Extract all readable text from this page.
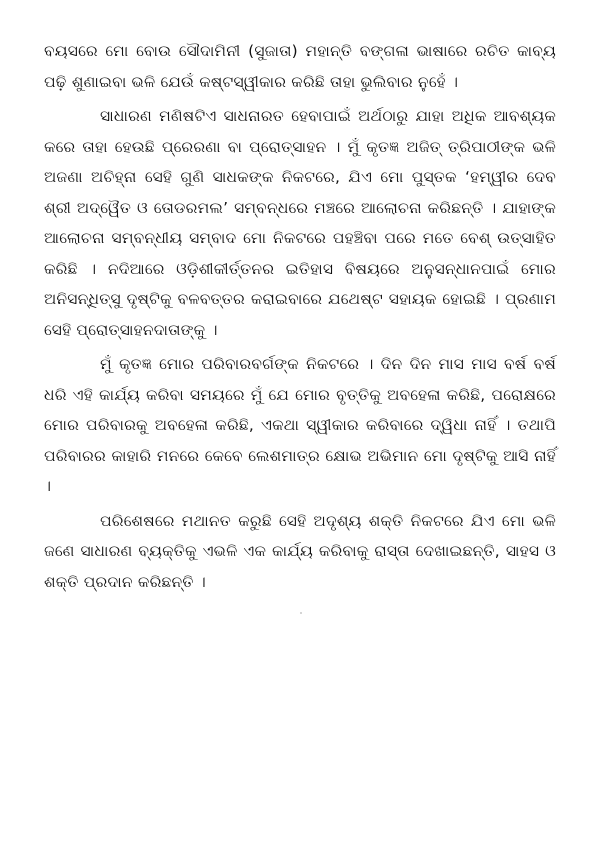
ବୟସରେ ମୋ ବୋଉ ସୌଦାମିନୀ (ସୁଜାତା) ମହାନ୍ତି ବଙ୍ଗଳା ଭାଷାରେ ରଚିତ କାବ୍ୟ ପଢ଼ି ଶୁଣାଇବା ଭଳି ଯେଉଁ କଷ୍ଟସ୍ୱୀକାର କରିଛି ତାହା ଭୁଲିବାର ନୁହେଁ ।

ସାଧାରଣ ମଣିଷଟିଏ ସାଧନାରତ ହେବାପାଇଁ ଅର୍ଥଠାରୁ ଯାହା ଅଧିକ ଆବଶ୍ୟକ କରେ ତାହା ହେଉଛି ପ୍ରେରଣା ବା ପ୍ରୋତ୍ସାହନ । ମୁଁ କୃତଜ୍ଞ ଅଜିତ୍ ତ୍ରିପାଠୀଙ୍କ ଭଳି ଅଜଣା ଅଚିହ୍ନା ସେହି ଗୁଣି ସାଧକଙ୍କ ନିକଟରେ, ଯିଏ ମୋ ପୁସ୍ତକ ‘ହମ୍ୱୀର ଦେବ ଶ୍ରୀ ଅଦ୍ୱୈତ ଓ ତୋଡରମଲ’ ସମ୍ବନ୍ଧରେ ମଞ୍ଚରେ ଆଲୋଚନା କରିଛନ୍ତି । ଯାହାଙ୍କ ଆଲୋଚନା ସମ୍ବନ୍ଧୀୟ ସମ୍ବାଦ ମୋ ନିକଟରେ ପହଞ୍ଚିବା ପରେ ମତେ ବେଶ୍ ଉତ୍ସାହିତ କରିଛି । ନଦିଆରେ ଓଡ଼ିଶୀକୀର୍ତ୍ତନର ଇତିହାସ ବିଷୟରେ ଅନୁସନ୍ଧାନପାଇଁ ମୋର ଅନିସନ୍ଧିତ୍ସୁ ଦୃଷ୍ଟିକୁ ବଳବତ୍ତର କରାଇବାରେ ଯଥେଷ୍ଟ ସହାୟକ ହୋଇଛି । ପ୍ରଣାମ ସେହି ପ୍ରୋତ୍ସାହନଦାତାଙ୍କୁ ।

ମୁଁ କୃତଜ୍ଞ ମୋର ପରିବାରବର୍ଗଙ୍କ ନିକଟରେ । ଦିନ ଦିନ ମାସ ମାସ ବର୍ଷ ବର୍ଷ ଧରି ଏହି କାର୍ଯ୍ୟ କରିବା ସମୟରେ ମୁଁ ଯେ ମୋର ବୃତ୍ତିକୁ ଅବହେଳା କରିଛି, ପରୋକ୍ଷରେ ମୋର ପରିବାରକୁ ଅବହେଳା କରିଛି, ଏକଥା ସ୍ୱୀକାର କରିବାରେ ଦ୍ୱିଧା ନାହିଁ । ତଥାପି ପରିବାରର କାହାରି ମନରେ କେବେ ଲେଶମାତ୍ର କ୍ଷୋଭ ଅଭିମାନ ମୋ ଦୃଷ୍ଟିକୁ ଆସି ନାହିଁ ।

ପରିଶେଷରେ ମଥାନତ କରୁଛି ସେହି ଅଦୃଶ୍ୟ ଶକ୍ତି ନିକଟରେ ଯିଏ ମୋ ଭଳି ଜଣେ ସାଧାରଣ ବ୍ୟକ୍ତିକୁ ଏଭଳି ଏକ କାର୍ଯ୍ୟ କରିବାକୁ ରାସ୍ତା ଦେଖାଇଛନ୍ତି, ସାହସ ଓ ଶକ୍ତି ପ୍ରଦାନ କରିଛନ୍ତି ।
